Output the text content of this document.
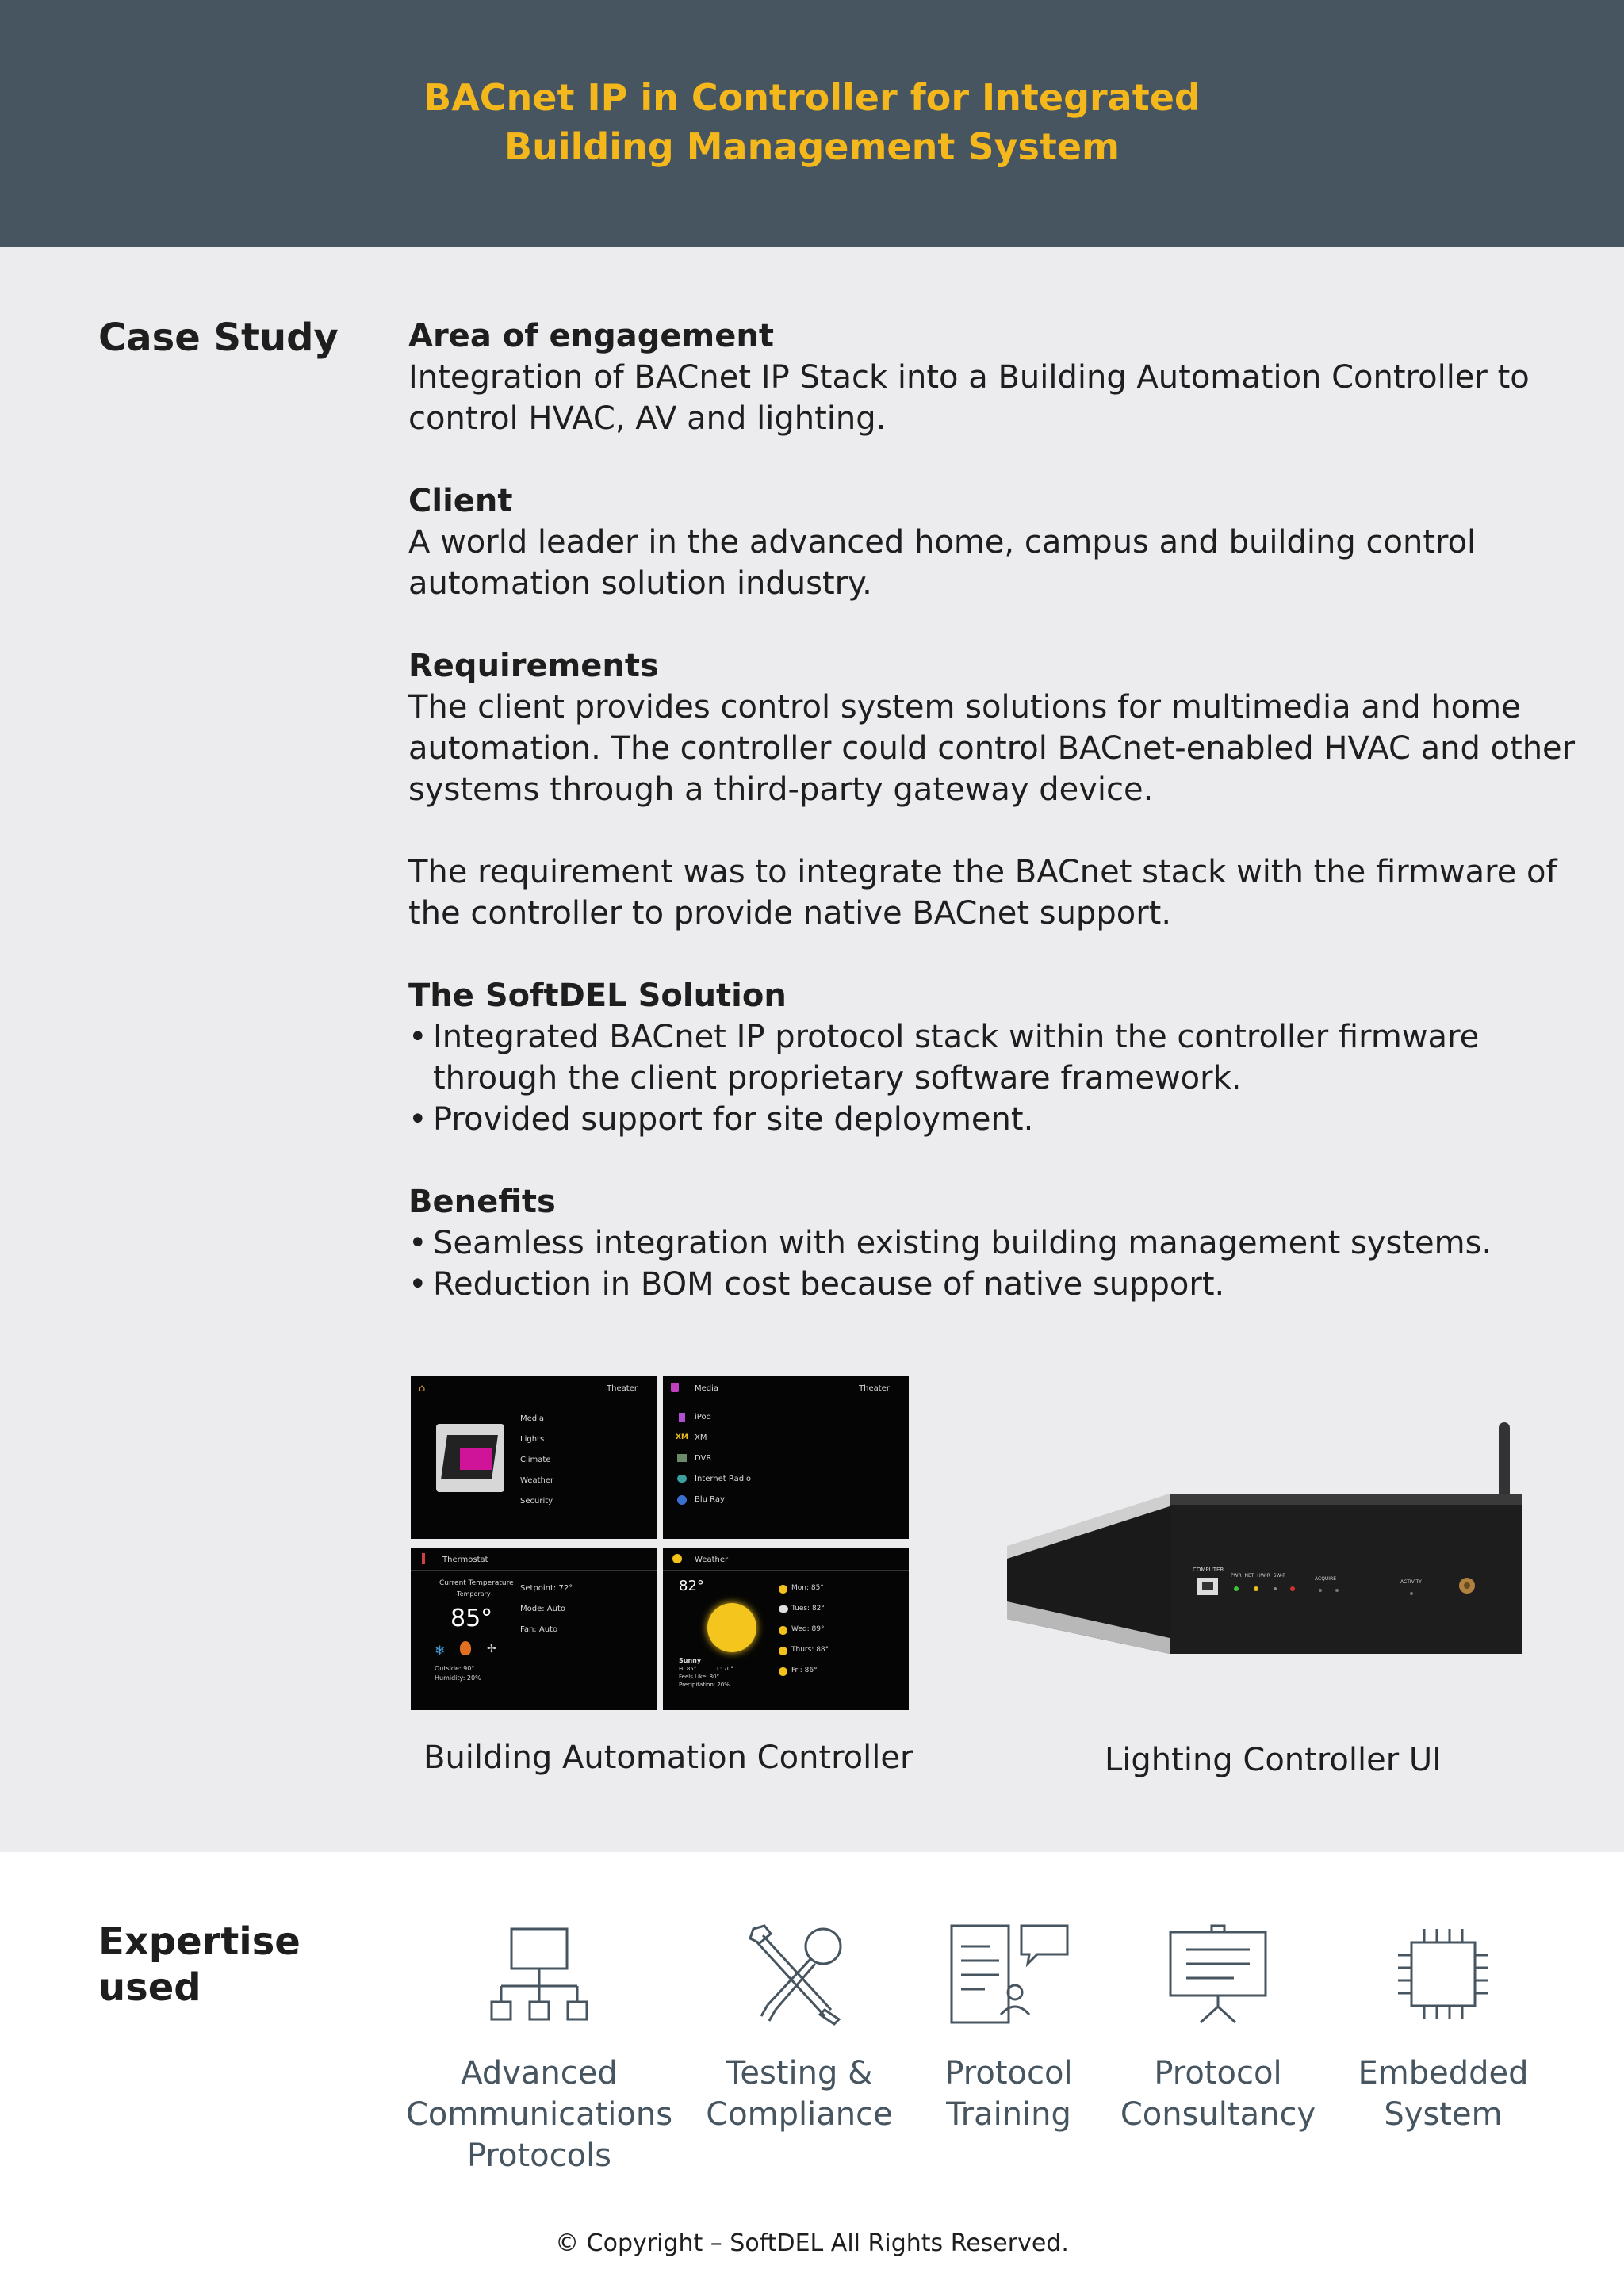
BACnet IP in Controller for Integrated
Building Management System
Case Study Area of engagement

Integration of BACnet IP Stack into a Building Automation Controller to control HVAC, AV and lighting.

Client

A world leader in the advanced home, campus and building control automation solution industry.

Requirements

The client provides control system solutions for multimedia and home automation. The controller could control BACnet-enabled HVAC and other systems through a third-party gateway device.

The requirement was to integrate the BACnet stack with the firmware of the controller to provide native BACnet support.

The SoftDEL Solution
• Integrated BACnet IP protocol stack within the controller firmware through the client proprietary software framework.
• Provided support for site deployment.
Benefits
• Seamless integration with existing building management systems.
• Reduction in BOM cost because of native support.
⌂	Theater
Media
Lights
Climate
Weather
Security
Media	Theater
iPod
XM XM
DVR
Internet Radio
Blu Ray
Thermostat
Current Temperature
-Temporary-
85°
❄	✢
Outside: 90°
Humidity: 20%
Setpoint: 72°
Mode: Auto
Fan: Auto
Weather
82°
Sunny
H: 85°	L: 70°
Feels Like: 80°
Precipitation: 20%
Mon: 85°
Tues: 82°
Wed: 89°
Thurs: 88°
Fri: 86°
COMPUTER
PWR  NET  HW-R  SW-R
ACQUIRE
ACTIVITY
Building Automation Controller	Lighting Controller UI
Expertise
used
Advanced
Communications
Protocols
Testing &
Compliance
Protocol
Training
Protocol
Consultancy
Embedded
System
© Copyright – SoftDEL All Rights Reserved.
